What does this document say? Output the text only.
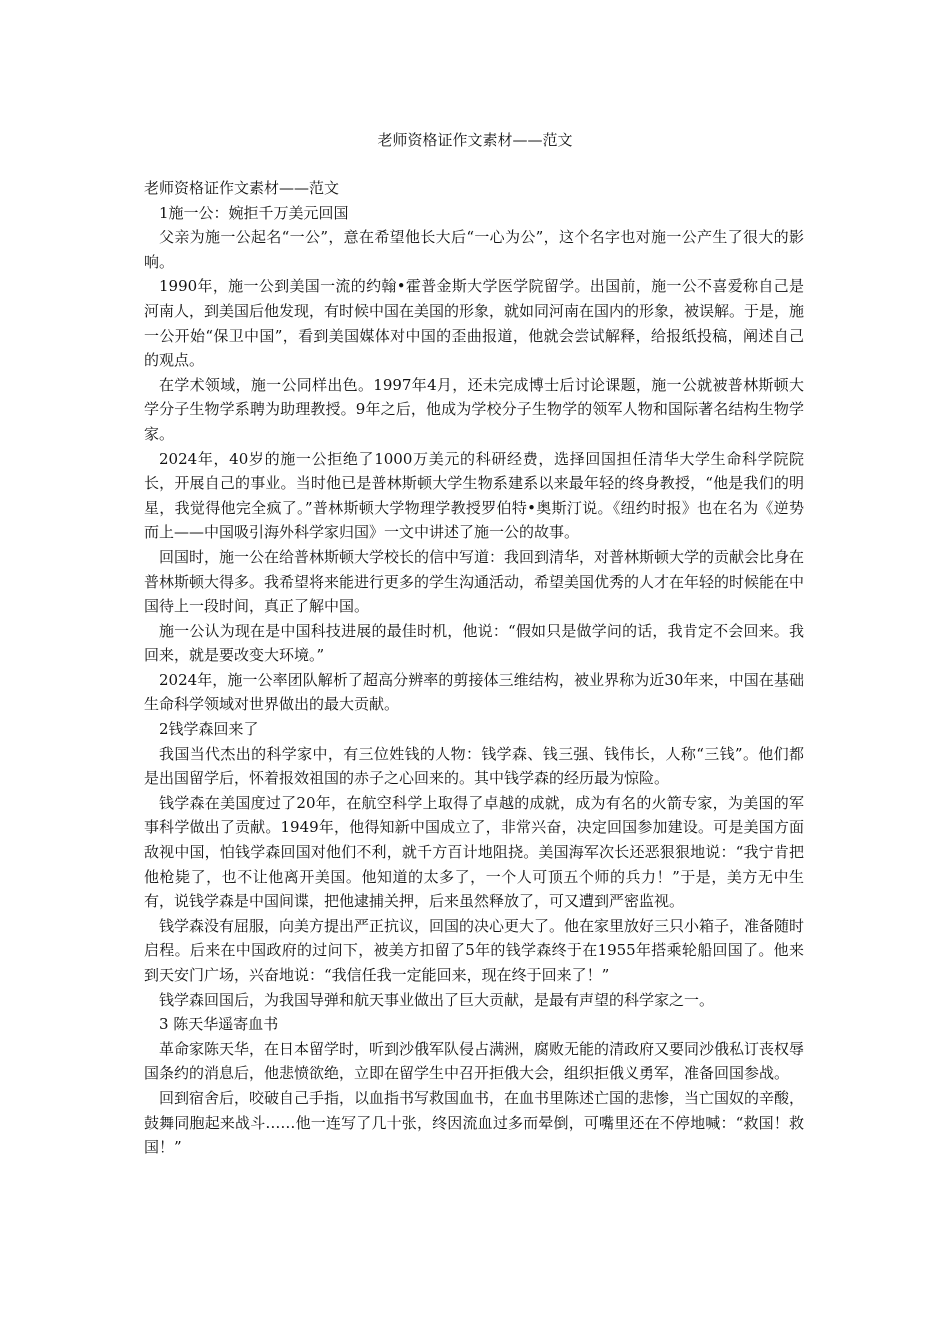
老师资格证作文素材——范文

老师资格证作文素材——范文

1施一公：婉拒千万美元回国

父亲为施一公起名“一公”，意在希望他长大后“一心为公”，这个名字也对施一公产生了很大的影响。

1990年，施一公到美国一流的约翰•霍普金斯大学医学院留学。出国前，施一公不喜爱称自己是河南人，到美国后他发现，有时候中国在美国的形象，就如同河南在国内的形象，被误解。于是，施一公开始“保卫中国”，看到美国媒体对中国的歪曲报道，他就会尝试解释，给报纸投稿，阐述自己的观点。

在学术领域，施一公同样出色。1997年4月，还未完成博士后讨论课题，施一公就被普林斯顿大学分子生物学系聘为助理教授。9年之后，他成为学校分子生物学的领军人物和国际著名结构生物学家。

2024年，40岁的施一公拒绝了1000万美元的科研经费，选择回国担任清华大学生命科学院院长，开展自己的事业。当时他已是普林斯顿大学生物系建系以来最年轻的终身教授，“他是我们的明星，我觉得他完全疯了。”普林斯顿大学物理学教授罗伯特•奥斯汀说。《纽约时报》也在名为《逆势而上——中国吸引海外科学家归国》一文中讲述了施一公的故事。

回国时，施一公在给普林斯顿大学校长的信中写道：我回到清华，对普林斯顿大学的贡献会比身在普林斯顿大得多。我希望将来能进行更多的学生沟通活动，希望美国优秀的人才在年轻的时候能在中国待上一段时间，真正了解中国。

施一公认为现在是中国科技进展的最佳时机，他说：“假如只是做学问的话，我肯定不会回来。我回来，就是要改变大环境。”

2024年，施一公率团队解析了超高分辨率的剪接体三维结构，被业界称为近30年来，中国在基础生命科学领域对世界做出的最大贡献。

2钱学森回来了

我国当代杰出的科学家中，有三位姓钱的人物：钱学森、钱三强、钱伟长，人称“三钱”。他们都是出国留学后，怀着报效祖国的赤子之心回来的。其中钱学森的经历最为惊险。

钱学森在美国度过了20年，在航空科学上取得了卓越的成就，成为有名的火箭专家，为美国的军事科学做出了贡献。1949年，他得知新中国成立了，非常兴奋，决定回国参加建设。可是美国方面敌视中国，怕钱学森回国对他们不利，就千方百计地阻挠。美国海军次长还恶狠狠地说：“我宁肯把他枪毙了，也不让他离开美国。他知道的太多了，一个人可顶五个师的兵力！”于是，美方无中生有，说钱学森是中国间谍，把他逮捕关押，后来虽然释放了，可又遭到严密监视。

钱学森没有屈服，向美方提出严正抗议，回国的决心更大了。他在家里放好三只小箱子，准备随时启程。后来在中国政府的过问下，被美方扣留了5年的钱学森终于在1955年搭乘轮船回国了。他来到天安门广场，兴奋地说：“我信任我一定能回来，现在终于回来了！”

钱学森回国后，为我国导弹和航天事业做出了巨大贡献，是最有声望的科学家之一。

3 陈天华遥寄血书

革命家陈天华，在日本留学时，听到沙俄军队侵占满洲，腐败无能的清政府又要同沙俄私订丧权辱国条约的消息后，他悲愤欲绝，立即在留学生中召开拒俄大会，组织拒俄义勇军，准备回国参战。

回到宿舍后，咬破自己手指，以血指书写救国血书，在血书里陈述亡国的悲惨，当亡国奴的辛酸，鼓舞同胞起来战斗……他一连写了几十张，终因流血过多而晕倒，可嘴里还在不停地喊：“救国！救国！”
